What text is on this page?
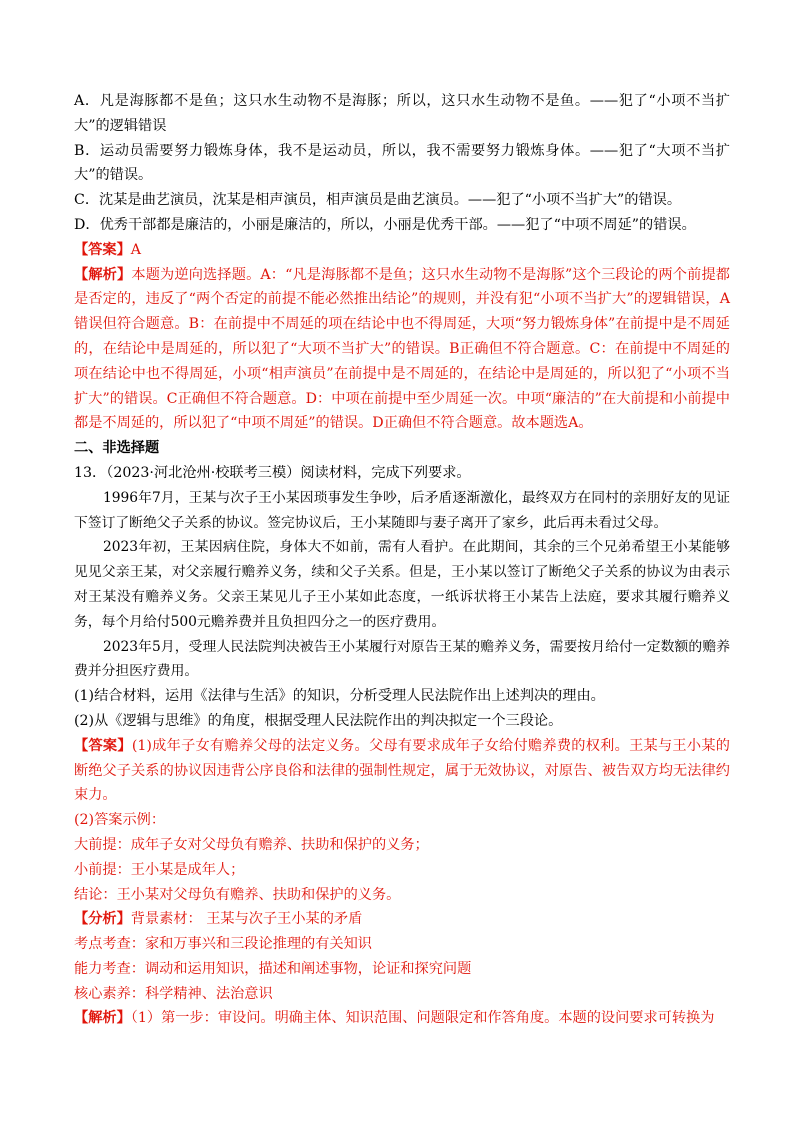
A．凡是海豚都不是鱼；这只水生动物不是海豚；所以，这只水生动物不是鱼。——犯了“小项不当扩大”的逻辑错误

B．运动员需要努力锻炼身体，我不是运动员，所以，我不需要努力锻炼身体。——犯了“大项不当扩大”的错误。

C．沈某是曲艺演员，沈某是相声演员，相声演员是曲艺演员。——犯了“小项不当扩大”的错误。

D．优秀干部都是廉洁的，小丽是廉洁的，所以，小丽是优秀干部。——犯了“中项不周延”的错误。

【答案】A

【解析】本题为逆向选择题。A：“凡是海豚都不是鱼；这只水生动物不是海豚”这个三段论的两个前提都是否定的，违反了“两个否定的前提不能必然推出结论”的规则，并没有犯“小项不当扩大”的逻辑错误，A错误但符合题意。B：在前提中不周延的项在结论中也不得周延，大项“努力锻炼身体”在前提中是不周延的，在结论中是周延的，所以犯了“大项不当扩大”的错误。B正确但不符合题意。C：在前提中不周延的项在结论中也不得周延，小项“相声演员”在前提中是不周延的，在结论中是周延的，所以犯了“小项不当扩大”的错误。C正确但不符合题意。D：中项在前提中至少周延一次。中项“廉洁的”在大前提和小前提中都是不周延的，所以犯了“中项不周延”的错误。D正确但不符合题意。故本题选A。

二、非选择题

13．（2023·河北沧州·校联考三模）阅读材料，完成下列要求。

1996年7月，王某与次子王小某因琐事发生争吵，后矛盾逐渐激化，最终双方在同村的亲朋好友的见证下签订了断绝父子关系的协议。签完协议后，王小某随即与妻子离开了家乡，此后再未看过父母。

2023年初，王某因病住院，身体大不如前，需有人看护。在此期间，其余的三个兄弟希望王小某能够见见父亲王某，对父亲履行赡养义务，续和父子关系。但是，王小某以签订了断绝父子关系的协议为由表示对王某没有赡养义务。父亲王某见儿子王小某如此态度，一纸诉状将王小某告上法庭，要求其履行赡养义务，每个月给付500元赡养费并且负担四分之一的医疗费用。

2023年5月，受理人民法院判决被告王小某履行对原告王某的赡养义务，需要按月给付一定数额的赡养费并分担医疗费用。

(1)结合材料，运用《法律与生活》的知识，分析受理人民法院作出上述判决的理由。

(2)从《逻辑与思维》的角度，根据受理人民法院作出的判决拟定一个三段论。

【答案】(1)成年子女有赡养父母的法定义务。父母有要求成年子女给付赡养费的权利。王某与王小某的断绝父子关系的协议因违背公序良俗和法律的强制性规定，属于无效协议，对原告、被告双方均无法律约束力。

(2)答案示例：

大前提：成年子女对父母负有赡养、扶助和保护的义务；

小前提：王小某是成年人；

结论：王小某对父母负有赡养、扶助和保护的义务。

【分析】背景素材： 王某与次子王小某的矛盾

考点考查：家和万事兴和三段论推理的有关知识

能力考查：调动和运用知识，描述和阐述事物，论证和探究问题

核心素养：科学精神、法治意识

【解析】（1）第一步：审设问。明确主体、知识范围、问题限定和作答角度。本题的设问要求可转换为
